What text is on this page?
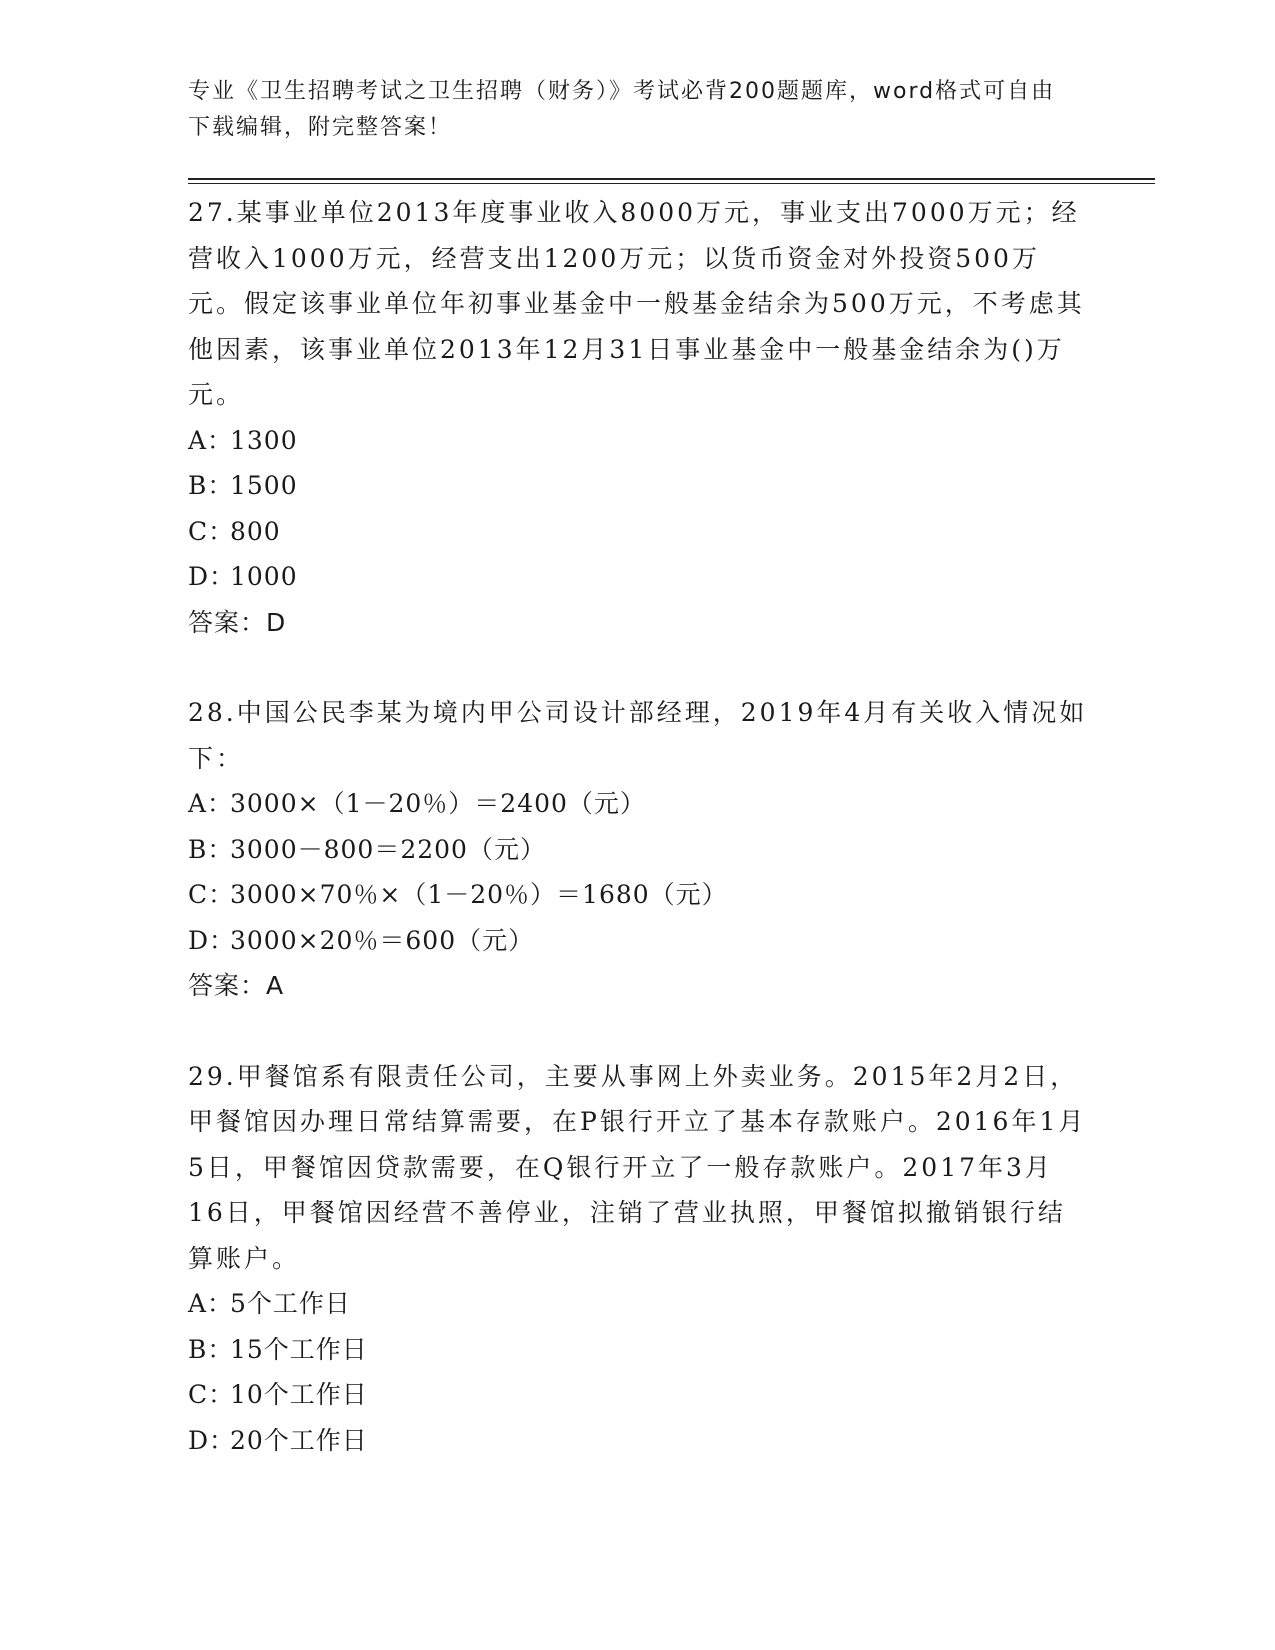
专业《卫生招聘考试之卫生招聘（财务）》考试必背200题题库，word格式可自由下载编辑，附完整答案！

27.某事业单位2013年度事业收入8000万元，事业支出7000万元；经营收入1000万元，经营支出1200万元；以货币资金对外投资500万元。假定该事业单位年初事业基金中一般基金结余为500万元，不考虑其他因素，该事业单位2013年12月31日事业基金中一般基金结余为()万元。

A：1300
B：1500
C：800
D：1000
答案：D

28.中国公民李某为境内甲公司设计部经理，2019年4月有关收入情况如下：

A：3000×（1－20％）＝2400（元）
B：3000－800＝2200（元）
C：3000×70％×（1－20％）＝1680（元）
D：3000×20％＝600（元）
答案：A

29.甲餐馆系有限责任公司，主要从事网上外卖业务。2015年2月2日，甲餐馆因办理日常结算需要，在P银行开立了基本存款账户。2016年1月5日，甲餐馆因贷款需要，在Q银行开立了一般存款账户。2017年3月16日，甲餐馆因经营不善停业，注销了营业执照，甲餐馆拟撤销银行结算账户。

A：5个工作日
B：15个工作日
C：10个工作日
D：20个工作日
